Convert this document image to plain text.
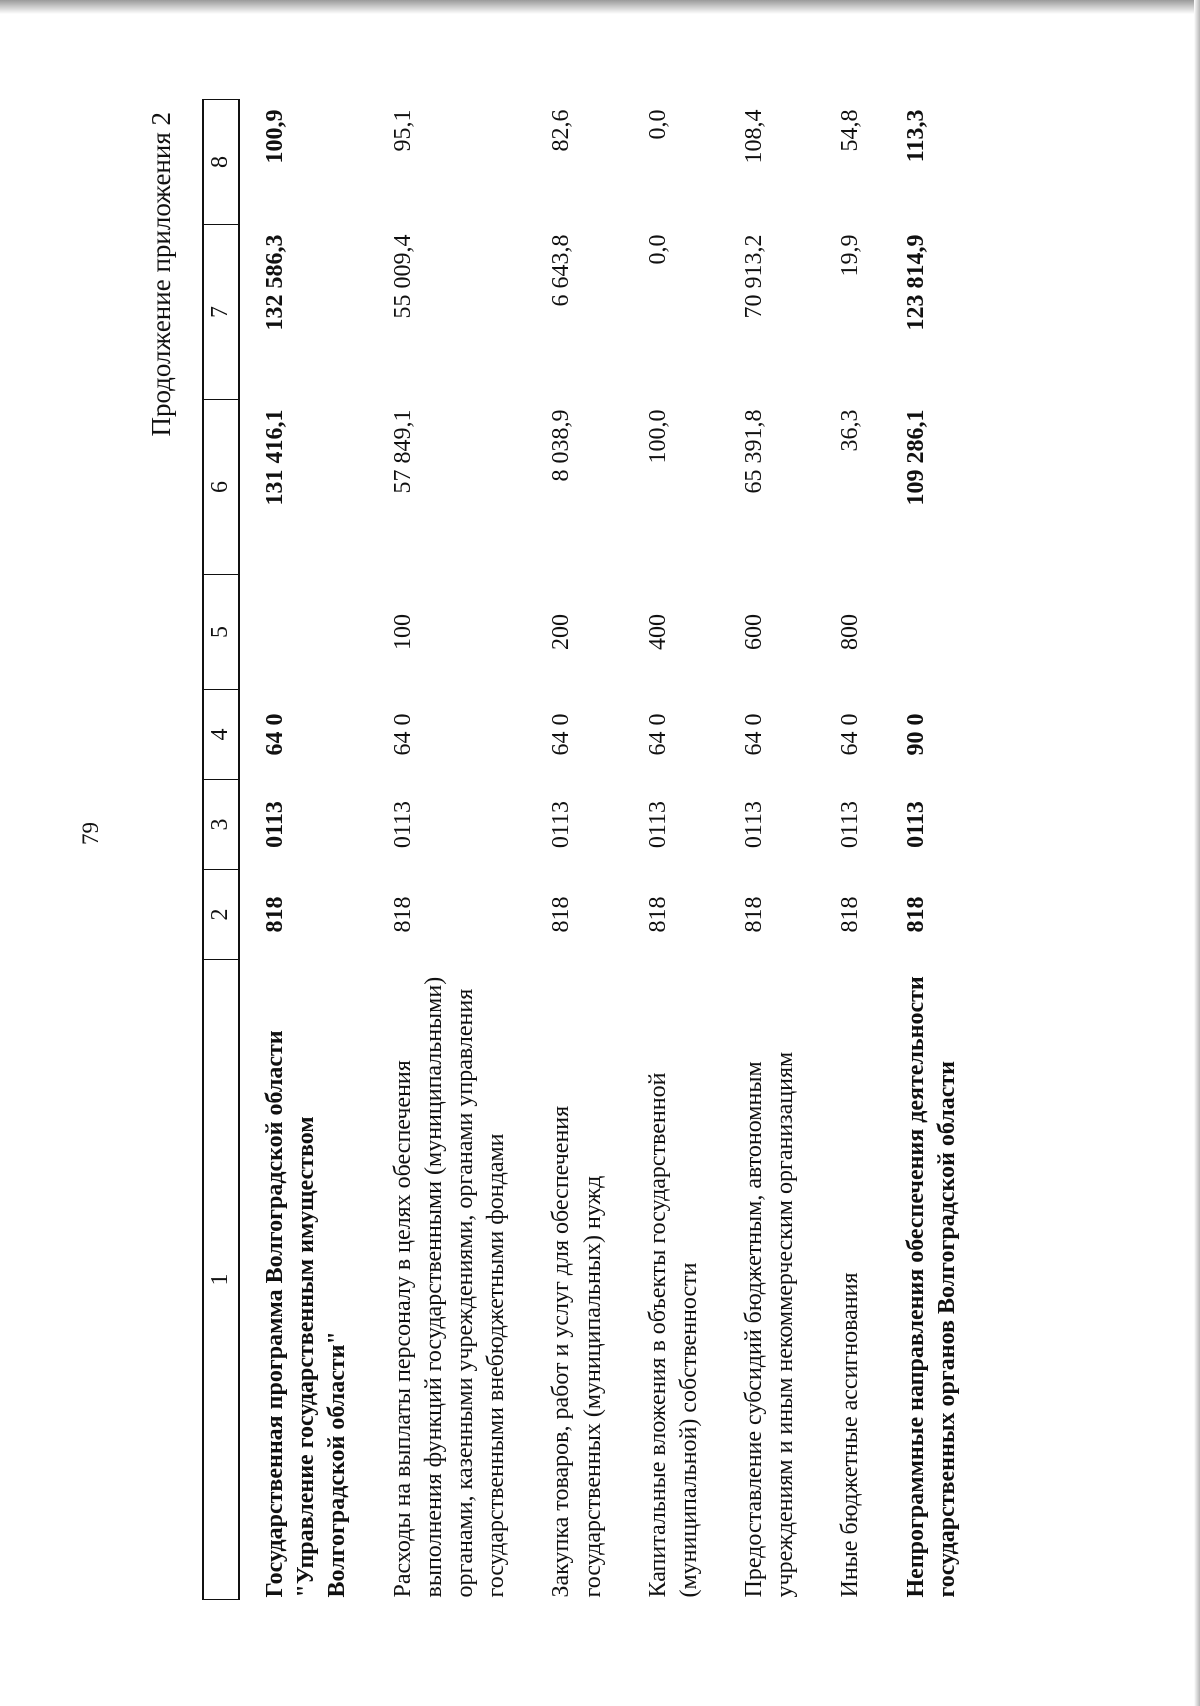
79
Продолжение приложения 2
1	2	3	4	5	6	7	8
Государственная программа Волгоградской области "Управление государственным имуществом Волгоградской области"	818	0113	64 0		131 416,1	132 586,3	100,9
Расходы на выплаты персоналу в целях обеспечения выполнения функций государственными (муниципальными) органами, казенными учреждениями, органами управления государственными внебюджетными фондами	818	0113	64 0	100	57 849,1	55 009,4	95,1
Закупка товаров, работ и услуг для обеспечения государственных (муниципальных) нужд	818	0113	64 0	200	8 038,9	6 643,8	82,6
Капитальные вложения в объекты государственной (муниципальной) собственности	818	0113	64 0	400	100,0	0,0	0,0
Предоставление субсидий бюджетным, автономным учреждениям и иным некоммерческим организациям	818	0113	64 0	600	65 391,8	70 913,2	108,4
Иные бюджетные ассигнования	818	0113	64 0	800	36,3	19,9	54,8
Непрограммные направления обеспечения деятельности государственных органов Волгоградской области	818	0113	90 0		109 286,1	123 814,9	113,3
